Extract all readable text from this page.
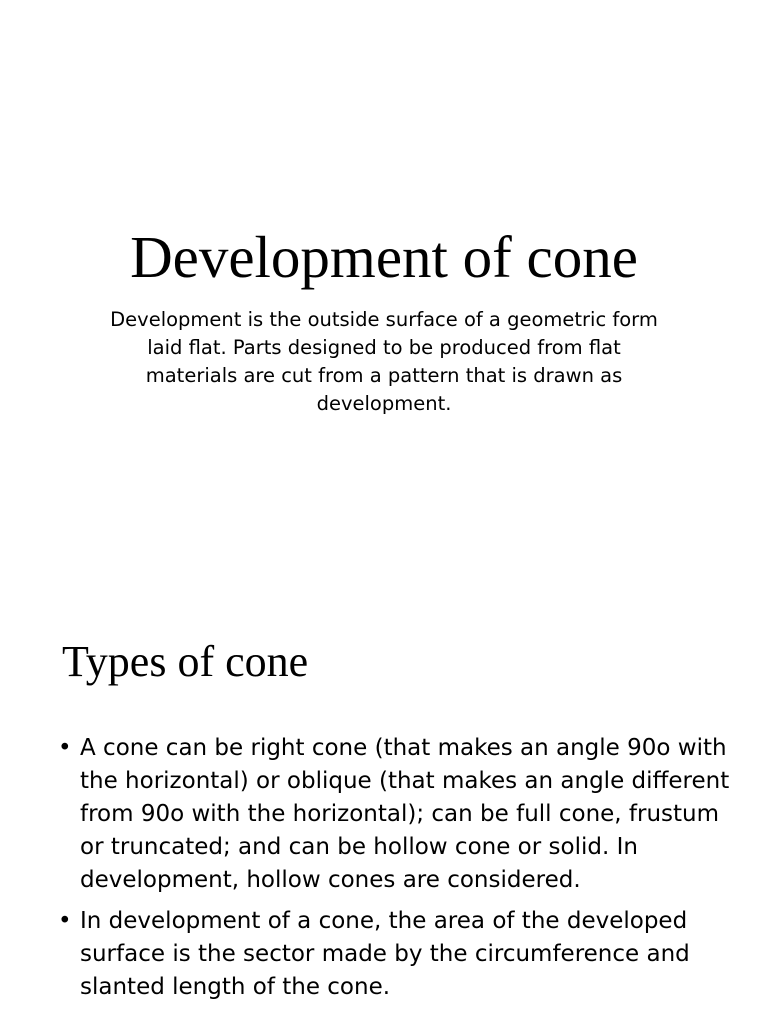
Development of cone

Development is the outside surface of a geometric form laid flat. Parts designed to be produced from flat materials are cut from a pattern that is drawn as development.

Types of cone
• A cone can be right cone (that makes an angle 90o with the horizontal) or oblique (that makes an angle different from 90o with the horizontal); can be full cone, frustum or truncated; and can be hollow cone or solid. In development, hollow cones are considered.
• In development of a cone, the area of the developed surface is the sector made by the circumference and slanted length of the cone.
